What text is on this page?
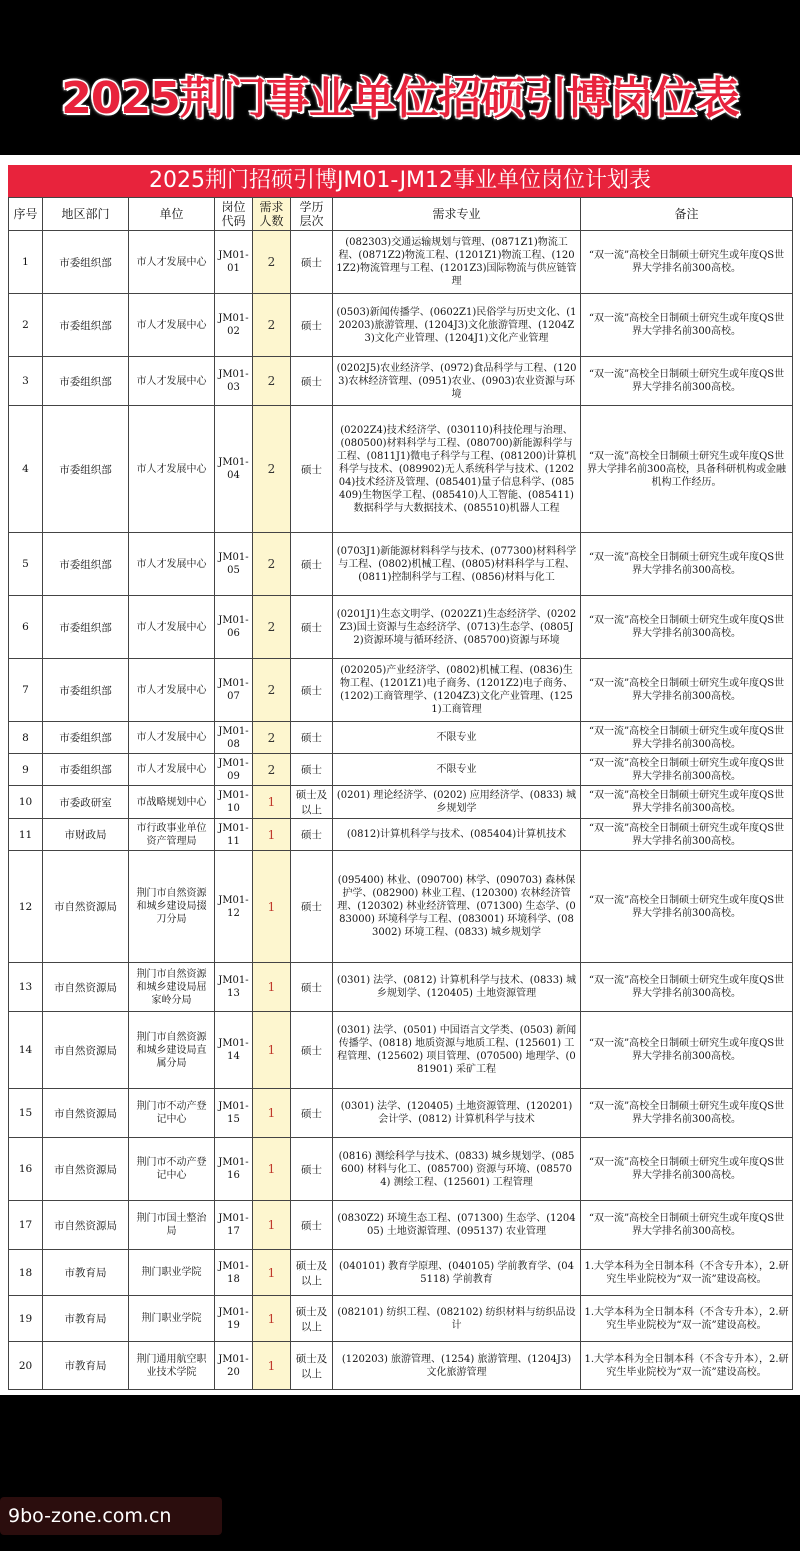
2025荆门事业单位招硕引博岗位表
2025荆门招硕引博JM01-JM12事业单位岗位计划表
序号	地区部门	单位	岗位代码	需求人数	学历层次	需求专业	备注
1	市委组织部	市人才发展中心	JM01-01	2	硕士	(082303)交通运输规划与管理、(0871Z1)物流工程、(0871Z2)物流工程、(1201Z1)物流工程、(1201Z2)物流管理与工程、(1201Z3)国际物流与供应链管理	“双一流”高校全日制硕士研究生或年度QS世界大学排名前300高校。
2	市委组织部	市人才发展中心	JM01-02	2	硕士	(0503)新闻传播学、(0602Z1)民俗学与历史文化、(120203)旅游管理、(1204J3)文化旅游管理、(1204Z3)文化产业管理、(1204J1)文化产业管理	“双一流”高校全日制硕士研究生或年度QS世界大学排名前300高校。
3	市委组织部	市人才发展中心	JM01-03	2	硕士	(0202J5)农业经济学、(0972)食品科学与工程、(1203)农林经济管理、(0951)农业、(0903)农业资源与环境	“双一流”高校全日制硕士研究生或年度QS世界大学排名前300高校。
4	市委组织部	市人才发展中心	JM01-04	2	硕士	(0202Z4)技术经济学、(030110)科技伦理与治理、(080500)材料科学与工程、(080700)新能源科学与工程、(0811J1)微电子科学与工程、(081200)计算机科学与技术、(089902)无人系统科学与技术、(120204)技术经济及管理、(085401)量子信息科学、(085409)生物医学工程、(085410)人工智能、(085411)数据科学与大数据技术、(085510)机器人工程	“双一流”高校全日制硕士研究生或年度QS世界大学排名前300高校，具备科研机构或金融机构工作经历。
5	市委组织部	市人才发展中心	JM01-05	2	硕士	(0703J1)新能源材料科学与技术、(077300)材料科学与工程、(0802)机械工程、(0805)材料科学与工程、(0811)控制科学与工程、(0856)材料与化工	“双一流”高校全日制硕士研究生或年度QS世界大学排名前300高校。
6	市委组织部	市人才发展中心	JM01-06	2	硕士	(0201J1)生态文明学、(0202Z1)生态经济学、(0202Z3)国土资源与生态经济学、(0713)生态学、(0805J2)资源环境与循环经济、(085700)资源与环境	“双一流”高校全日制硕士研究生或年度QS世界大学排名前300高校。
7	市委组织部	市人才发展中心	JM01-07	2	硕士	(020205)产业经济学、(0802)机械工程、(0836)生物工程、(1201Z1)电子商务、(1201Z2)电子商务、(1202)工商管理学、(1204Z3)文化产业管理、(1251)工商管理	“双一流”高校全日制硕士研究生或年度QS世界大学排名前300高校。
8	市委组织部	市人才发展中心	JM01-08	2	硕士	不限专业	“双一流”高校全日制硕士研究生或年度QS世界大学排名前300高校。
9	市委组织部	市人才发展中心	JM01-09	2	硕士	不限专业	“双一流”高校全日制硕士研究生或年度QS世界大学排名前300高校。
10	市委政研室	市战略规划中心	JM01-10	1	硕士及以上	(0201) 理论经济学、(0202) 应用经济学、(0833) 城乡规划学	“双一流”高校全日制硕士研究生或年度QS世界大学排名前300高校。
11	市财政局	市行政事业单位资产管理局	JM01-11	1	硕士	(0812)计算机科学与技术、(085404)计算机技术	“双一流”高校全日制硕士研究生或年度QS世界大学排名前300高校。
12	市自然资源局	荆门市自然资源和城乡建设局掇刀分局	JM01-12	1	硕士	(095400) 林业、(090700) 林学、(090703) 森林保护学、(082900) 林业工程、(120300) 农林经济管理、(120302) 林业经济管理、(071300) 生态学、(083000) 环境科学与工程、(083001) 环境科学、(083002) 环境工程、(0833) 城乡规划学	“双一流”高校全日制硕士研究生或年度QS世界大学排名前300高校。
13	市自然资源局	荆门市自然资源和城乡建设局屈家岭分局	JM01-13	1	硕士	(0301) 法学、(0812) 计算机科学与技术、(0833) 城乡规划学、(120405) 土地资源管理	“双一流”高校全日制硕士研究生或年度QS世界大学排名前300高校。
14	市自然资源局	荆门市自然资源和城乡建设局直属分局	JM01-14	1	硕士	(0301) 法学、(0501) 中国语言文学类、(0503) 新闻传播学、(0818) 地质资源与地质工程、(125601) 工程管理、(125602) 项目管理、(070500) 地理学、(081901) 采矿工程	“双一流”高校全日制硕士研究生或年度QS世界大学排名前300高校。
15	市自然资源局	荆门市不动产登记中心	JM01-15	1	硕士	(0301) 法学、(120405) 土地资源管理、(120201) 会计学、(0812) 计算机科学与技术	“双一流”高校全日制硕士研究生或年度QS世界大学排名前300高校。
16	市自然资源局	荆门市不动产登记中心	JM01-16	1	硕士	(0816) 测绘科学与技术、(0833) 城乡规划学、(085600) 材料与化工、(085700) 资源与环境、(085704) 测绘工程、(125601) 工程管理	“双一流”高校全日制硕士研究生或年度QS世界大学排名前300高校。
17	市自然资源局	荆门市国土整治局	JM01-17	1	硕士	(0830Z2) 环境生态工程、(071300) 生态学、(120405) 土地资源管理、(095137) 农业管理	“双一流”高校全日制硕士研究生或年度QS世界大学排名前300高校。
18	市教育局	荆门职业学院	JM01-18	1	硕士及以上	(040101) 教育学原理、(040105) 学前教育学、(045118) 学前教育	1.大学本科为全日制本科（不含专升本），2.研究生毕业院校为“双一流”建设高校。
19	市教育局	荆门职业学院	JM01-19	1	硕士及以上	(082101) 纺织工程、(082102) 纺织材料与纺织品设计	1.大学本科为全日制本科（不含专升本），2.研究生毕业院校为“双一流”建设高校。
20	市教育局	荆门通用航空职业技术学院	JM01-20	1	硕士及以上	(120203) 旅游管理、(1254) 旅游管理、(1204J3) 文化旅游管理	1.大学本科为全日制本科（不含专升本），2.研究生毕业院校为“双一流”建设高校。
9bo-zone.com.cn
